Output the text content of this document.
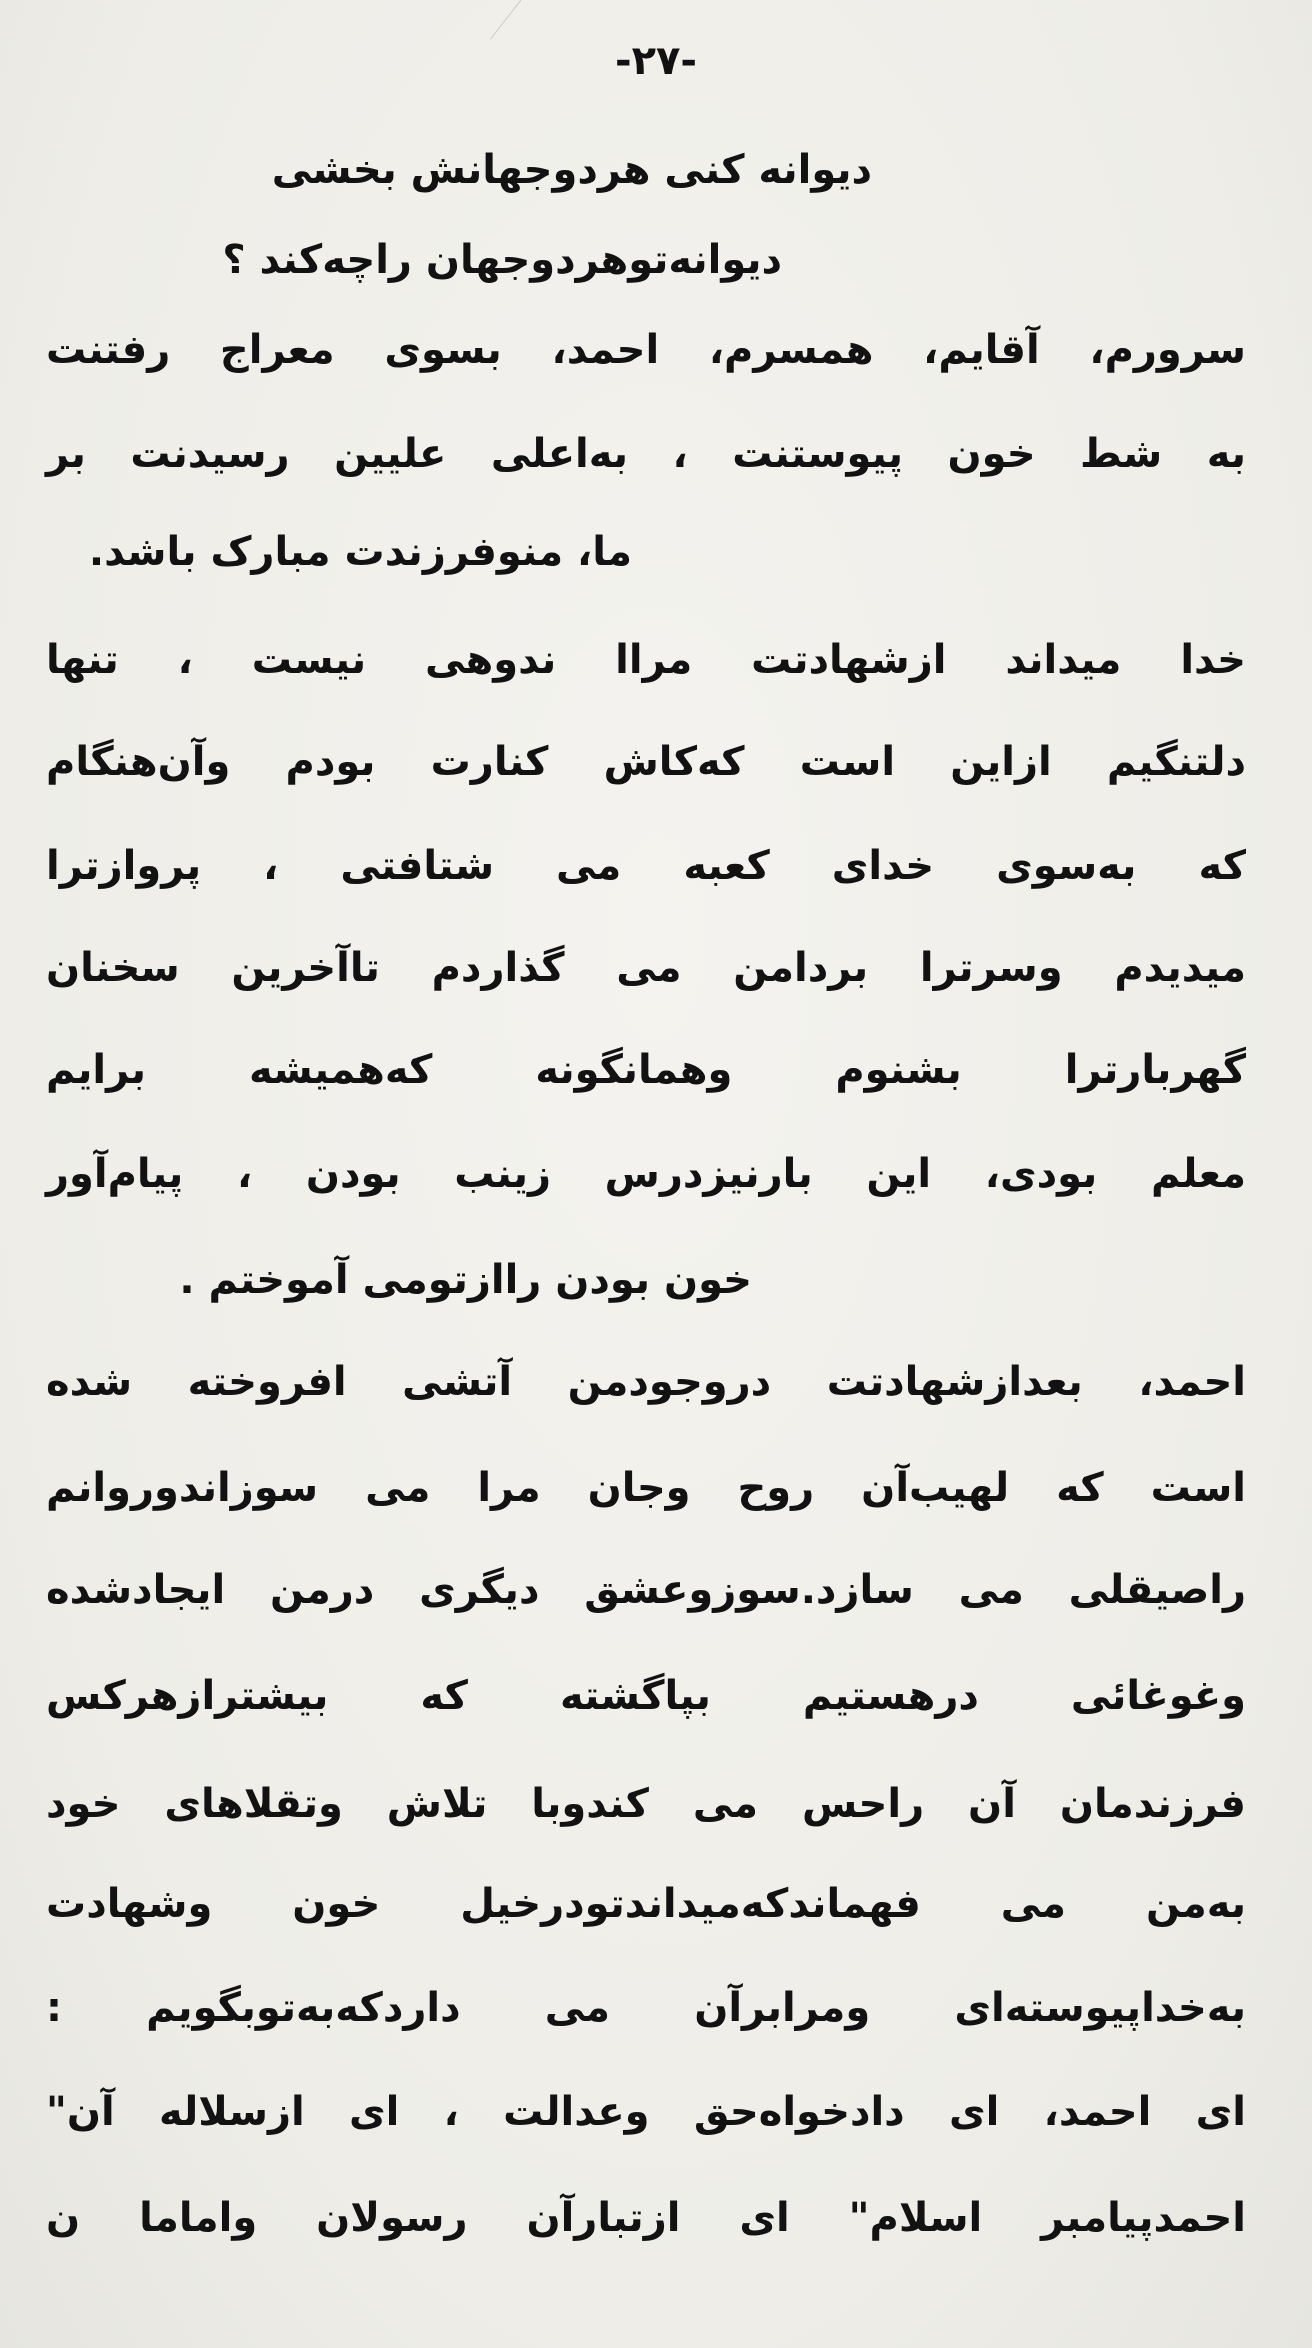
-۲۷-
دیوانه کنی هردوجهانش بخشی
دیوانه‌توهردوجهان راچه‌کند ؟
سرورم، آقایم، همسرم، احمد، بسوی معراج رفتنت
به شط خون پیوستنت ، به‌اعلی علیین رسیدنت بر
ما، منوفرزندت مبارک باشد.
خدا میداند ازشهادتت مراا ندوهی نیست ، تنها
دلتنگیم ازاین است که‌کاش کنارت بودم وآن‌هنگام
که به‌سوی خدای کعبه می شتافتی ، پروازترا
میدیدم وسرترا بردامن می گذاردم تاآخرین سخنان
گهربارترا بشنوم وهمانگونه که‌همیشه برایم
معلم بودی، این بارنیزدرس زینب بودن ، پیام‌آور
خون بودن راازتومی آموختم .
احمد، بعدازشهادتت درو‌جودمن آتشی افروخته شده
است که لهیب‌آن روح وجان مرا می سوزاندوروانم
راصیقلی می سازد.سوزوعشق دیگری درمن ایجادشده
وغوغائی درهستیم بپاگشته که بیشترازهرکس
فرزندمان آن راحس می کندوبا تلاش وتقلاهای خود
به‌من می فهماندکه‌میداندتودرخیل خون وشهادت
به‌خداپیوسته‌ای ومرابرآن می داردکه‌به‌توبگویم :
ای احمد، ای دادخواه‌حق وعدالت ، ای ازسلاله آن"
احمدپیامبر اسلام" ای ازتبارآن رسولان واماما ن
